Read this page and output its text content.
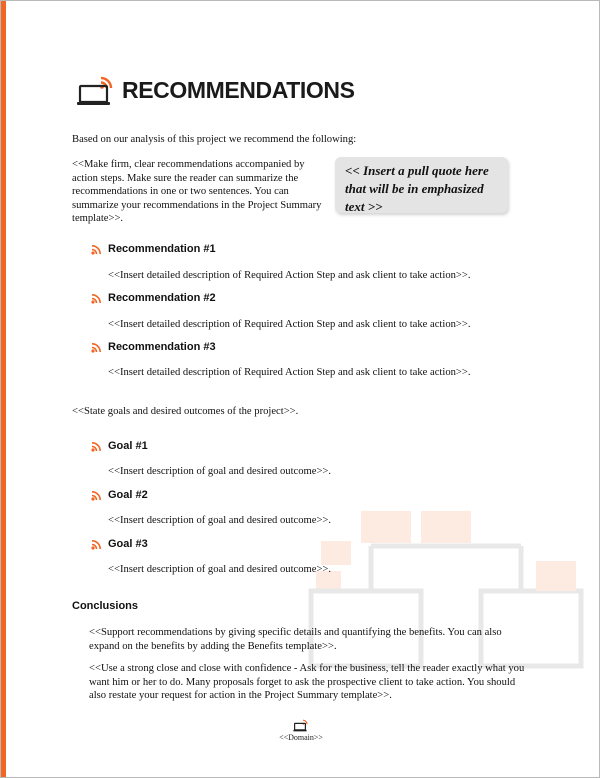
RECOMMENDATIONS
Based on our analysis of this project we recommend the following:
<<Make firm, clear recommendations accompanied by action steps. Make sure the reader can summarize the recommendations in one or two sentences. You can summarize your recommendations in the Project Summary template>>.
<< Insert a pull quote here that will be in emphasized text >>
Recommendation #1
<<Insert detailed description of Required Action Step and ask client to take action>>.
Recommendation #2
<<Insert detailed description of Required Action Step and ask client to take action>>.
Recommendation #3
<<Insert detailed description of Required Action Step and ask client to take action>>.
<<State goals and desired outcomes of the project>>.
Goal #1
<<Insert description of goal and desired outcome>>.
Goal #2
<<Insert description of goal and desired outcome>>.
Goal #3
<<Insert description of goal and desired outcome>>.
Conclusions
<<Support recommendations by giving specific details and quantifying the benefits. You can also expand on the benefits by adding the Benefits template>>.
<<Use a strong close and close with confidence - Ask for the business, tell the reader exactly what you want him or her to do. Many proposals forget to ask the prospective client to take action. You should also restate your request for action in the Project Summary template>>.
<<Domain>>
